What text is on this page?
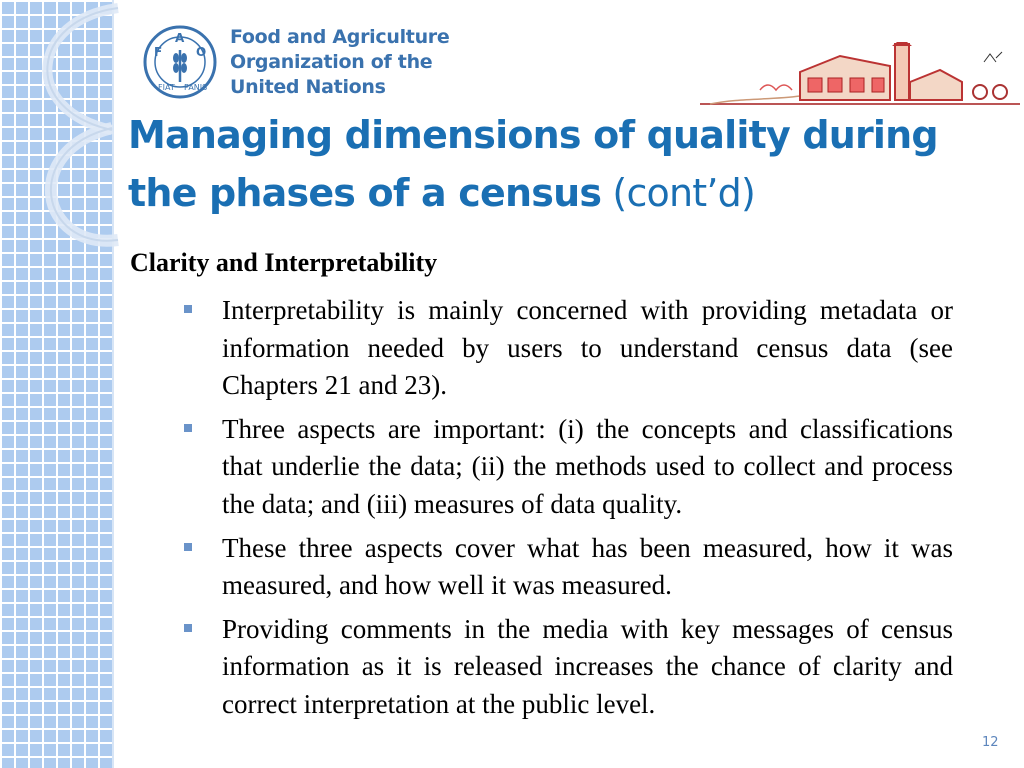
F
A
O
FIAT PANIS
Food and Agriculture
Organization of the
United Nations
Managing dimensions of quality during
the phases of a census (cont’d)
Clarity and Interpretability
Interpretability is mainly concerned with providing metadata or information needed by users to understand census data (see Chapters 21 and 23).
Three aspects are important: (i) the concepts and classifications that underlie the data; (ii) the methods used to collect and process the data; and (iii) measures of data quality.
These three aspects cover what has been measured, how it was measured, and how well it was measured.
Providing comments in the media with key messages of census information as it is released increases the chance of clarity and correct interpretation at the public level.
12
